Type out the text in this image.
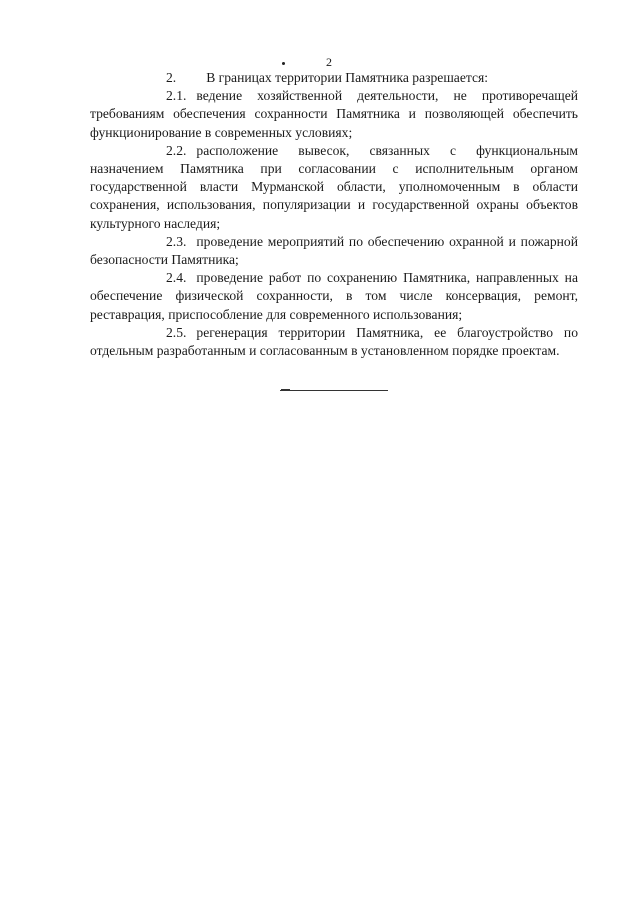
2

2. В границах территории Памятника разрешается:

2.1. ведение хозяйственной деятельности, не противоречащей требованиям обеспечения сохранности Памятника и позволяющей обеспечить функционирование в современных условиях;

2.2. расположение вывесок, связанных с функциональным назначением Памятника при согласовании с исполнительным органом государственной власти Мурманской области, уполномоченным в области сохранения, использования, популяризации и государственной охраны объектов культурного наследия;

2.3. проведение мероприятий по обеспечению охранной и пожарной безопасности Памятника;

2.4. проведение работ по сохранению Памятника, направленных на обеспечение физической сохранности, в том числе консервация, ремонт, реставрация, приспособление для современного использования;

2.5. регенерация территории Памятника, ее благоустройство по отдельным разработанным и согласованным в установленном порядке проектам.
